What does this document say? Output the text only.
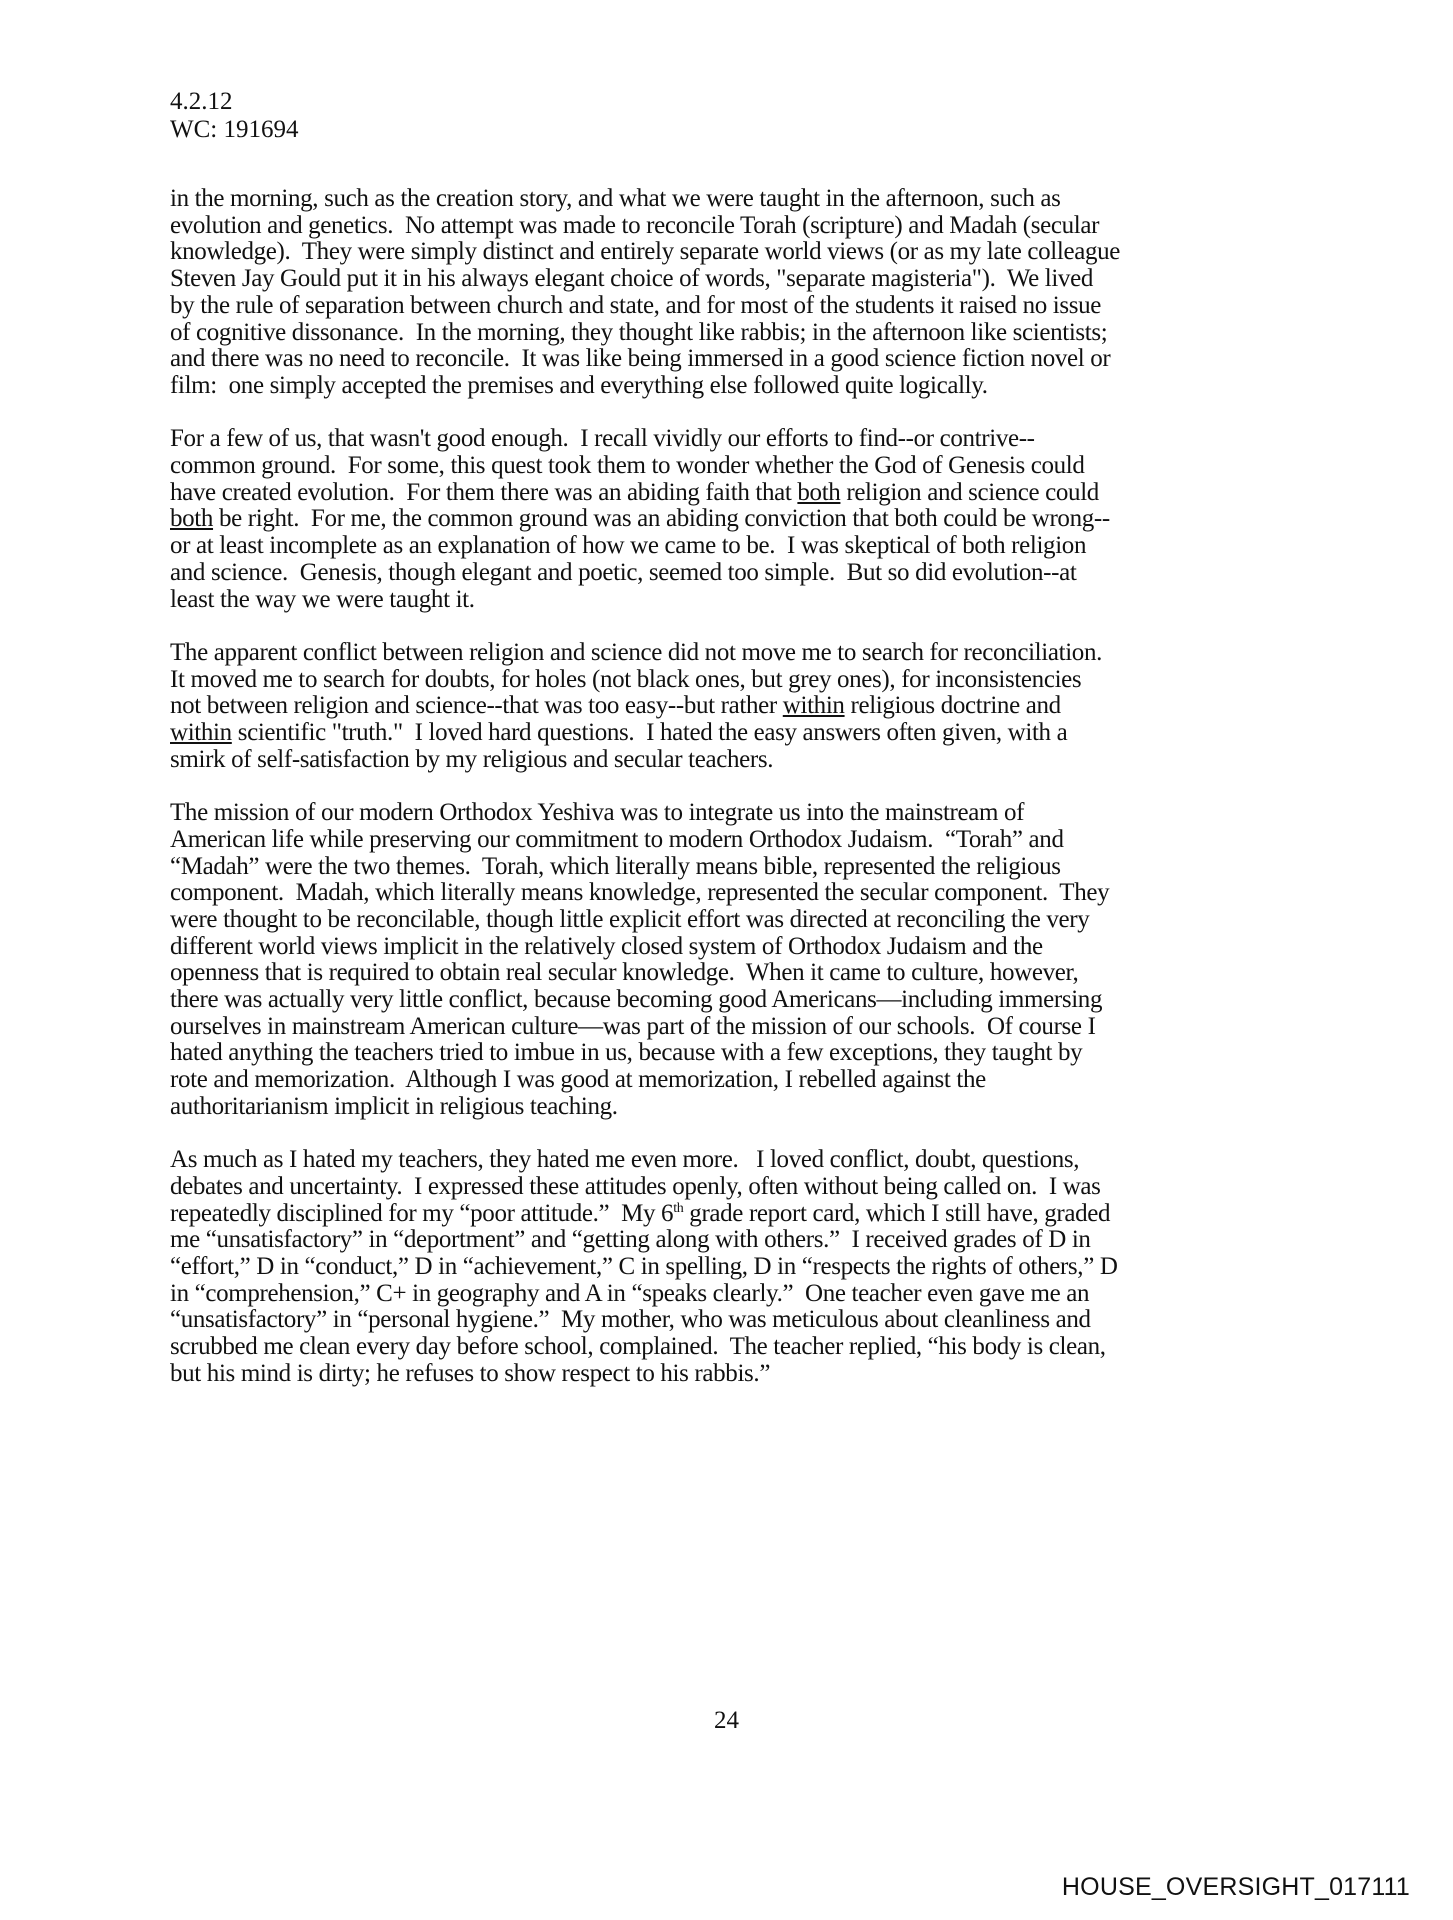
4.2.12
WC: 191694

in the morning, such as the creation story, and what we were taught in the afternoon, such as
evolution and genetics.  No attempt was made to reconcile Torah (scripture) and Madah (secular
knowledge).  They were simply distinct and entirely separate world views (or as my late colleague
Steven Jay Gould put it in his always elegant choice of words, "separate magisteria").  We lived
by the rule of separation between church and state, and for most of the students it raised no issue
of cognitive dissonance.  In the morning, they thought like rabbis; in the afternoon like scientists;
and there was no need to reconcile.  It was like being immersed in a good science fiction novel or
film:  one simply accepted the premises and everything else followed quite logically.

For a few of us, that wasn't good enough.  I recall vividly our efforts to find--or contrive--
common ground.  For some, this quest took them to wonder whether the God of Genesis could
have created evolution.  For them there was an abiding faith that both religion and science could
both be right.  For me, the common ground was an abiding conviction that both could be wrong--
or at least incomplete as an explanation of how we came to be.  I was skeptical of both religion
and science.  Genesis, though elegant and poetic, seemed too simple.  But so did evolution--at
least the way we were taught it.

The apparent conflict between religion and science did not move me to search for reconciliation.
It moved me to search for doubts, for holes (not black ones, but grey ones), for inconsistencies
not between religion and science--that was too easy--but rather within religious doctrine and
within scientific "truth."  I loved hard questions.  I hated the easy answers often given, with a
smirk of self-satisfaction by my religious and secular teachers.

The mission of our modern Orthodox Yeshiva was to integrate us into the mainstream of
American life while preserving our commitment to modern Orthodox Judaism.  “Torah” and
“Madah” were the two themes.  Torah, which literally means bible, represented the religious
component.  Madah, which literally means knowledge, represented the secular component.  They
were thought to be reconcilable, though little explicit effort was directed at reconciling the very
different world views implicit in the relatively closed system of Orthodox Judaism and the
openness that is required to obtain real secular knowledge.  When it came to culture, however,
there was actually very little conflict, because becoming good Americans—including immersing
ourselves in mainstream American culture—was part of the mission of our schools.  Of course I
hated anything the teachers tried to imbue in us, because with a few exceptions, they taught by
rote and memorization.  Although I was good at memorization, I rebelled against the
authoritarianism implicit in religious teaching.

As much as I hated my teachers, they hated me even more.   I loved conflict, doubt, questions,
debates and uncertainty.  I expressed these attitudes openly, often without being called on.  I was
repeatedly disciplined for my “poor attitude.”  My 6th grade report card, which I still have, graded
me “unsatisfactory” in “deportment” and “getting along with others.”  I received grades of D in
“effort,” D in “conduct,” D in “achievement,” C in spelling, D in “respects the rights of others,” D
in “comprehension,” C+ in geography and A in “speaks clearly.”  One teacher even gave me an
“unsatisfactory” in “personal hygiene.”  My mother, who was meticulous about cleanliness and
scrubbed me clean every day before school, complained.  The teacher replied, “his body is clean,
but his mind is dirty; he refuses to show respect to his rabbis.”

24
HOUSE_OVERSIGHT_017111
